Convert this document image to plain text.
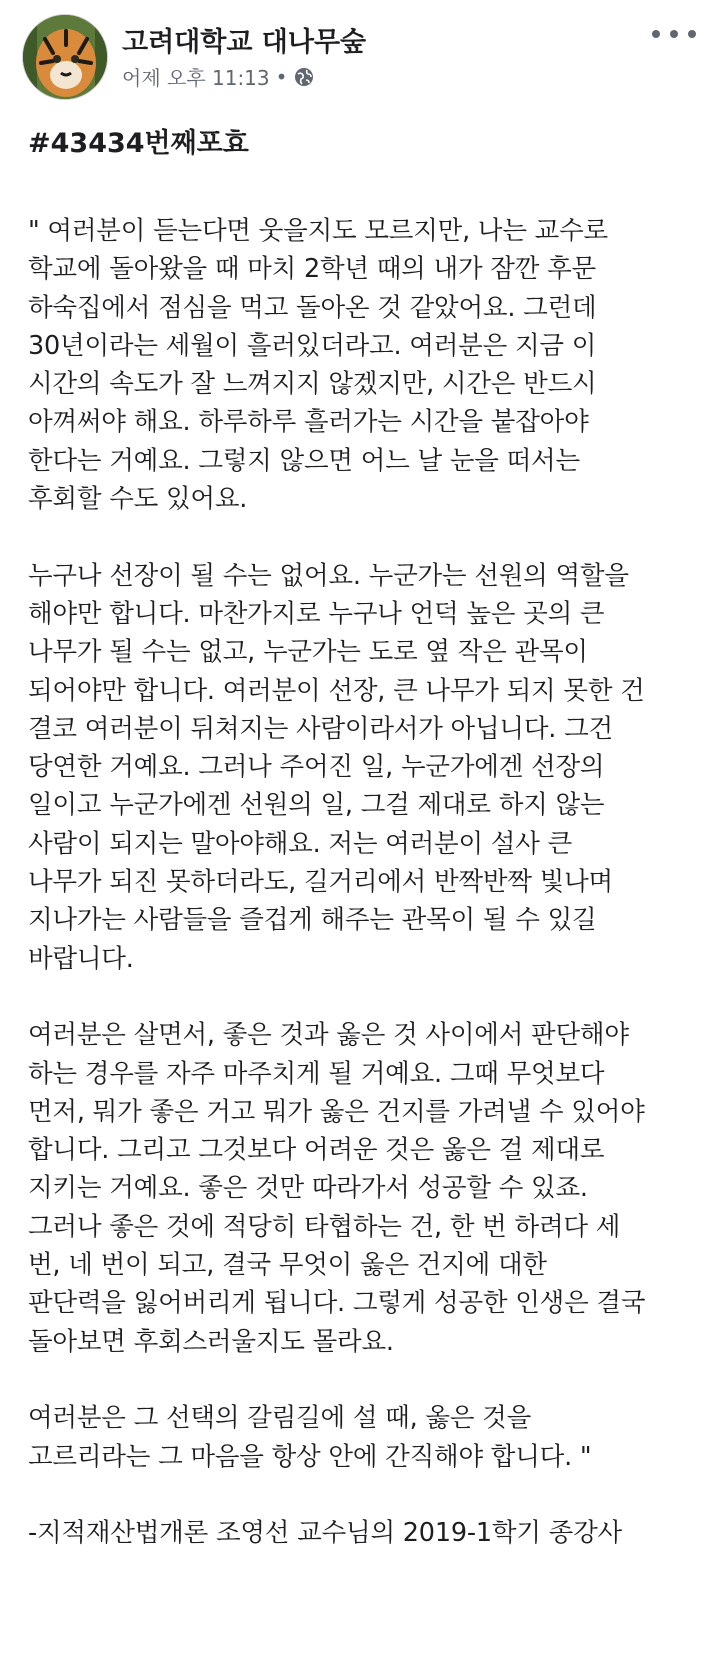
고려대학교 대나무숲
어제 오후 11:13 •
#43434번째포효
" 여러분이 듣는다면 웃을지도 모르지만, 나는 교수로
학교에 돌아왔을 때 마치 2학년 때의 내가 잠깐 후문
하숙집에서 점심을 먹고 돌아온 것 같았어요. 그런데
30년이라는 세월이 흘러있더라고. 여러분은 지금 이
시간의 속도가 잘 느껴지지 않겠지만, 시간은 반드시
아껴써야 해요. 하루하루 흘러가는 시간을 붙잡아야
한다는 거예요. 그렇지 않으면 어느 날 눈을 떠서는
후회할 수도 있어요.
누구나 선장이 될 수는 없어요. 누군가는 선원의 역할을
해야만 합니다. 마찬가지로 누구나 언덕 높은 곳의 큰
나무가 될 수는 없고, 누군가는 도로 옆 작은 관목이
되어야만 합니다. 여러분이 선장, 큰 나무가 되지 못한 건
결코 여러분이 뒤쳐지는 사람이라서가 아닙니다. 그건
당연한 거예요. 그러나 주어진 일, 누군가에겐 선장의
일이고 누군가에겐 선원의 일, 그걸 제대로 하지 않는
사람이 되지는 말아야해요. 저는 여러분이 설사 큰
나무가 되진 못하더라도, 길거리에서 반짝반짝 빛나며
지나가는 사람들을 즐겁게 해주는 관목이 될 수 있길
바랍니다.
여러분은 살면서, 좋은 것과 옳은 것 사이에서 판단해야
하는 경우를 자주 마주치게 될 거예요. 그때 무엇보다
먼저, 뭐가 좋은 거고 뭐가 옳은 건지를 가려낼 수 있어야
합니다. 그리고 그것보다 어려운 것은 옳은 걸 제대로
지키는 거예요. 좋은 것만 따라가서 성공할 수 있죠.
그러나 좋은 것에 적당히 타협하는 건, 한 번 하려다 세
번, 네 번이 되고, 결국 무엇이 옳은 건지에 대한
판단력을 잃어버리게 됩니다. 그렇게 성공한 인생은 결국
돌아보면 후회스러울지도 몰라요.
여러분은 그 선택의 갈림길에 설 때, 옳은 것을
고르리라는 그 마음을 항상 안에 간직해야 합니다. "
-지적재산법개론 조영선 교수님의 2019-1학기 종강사
